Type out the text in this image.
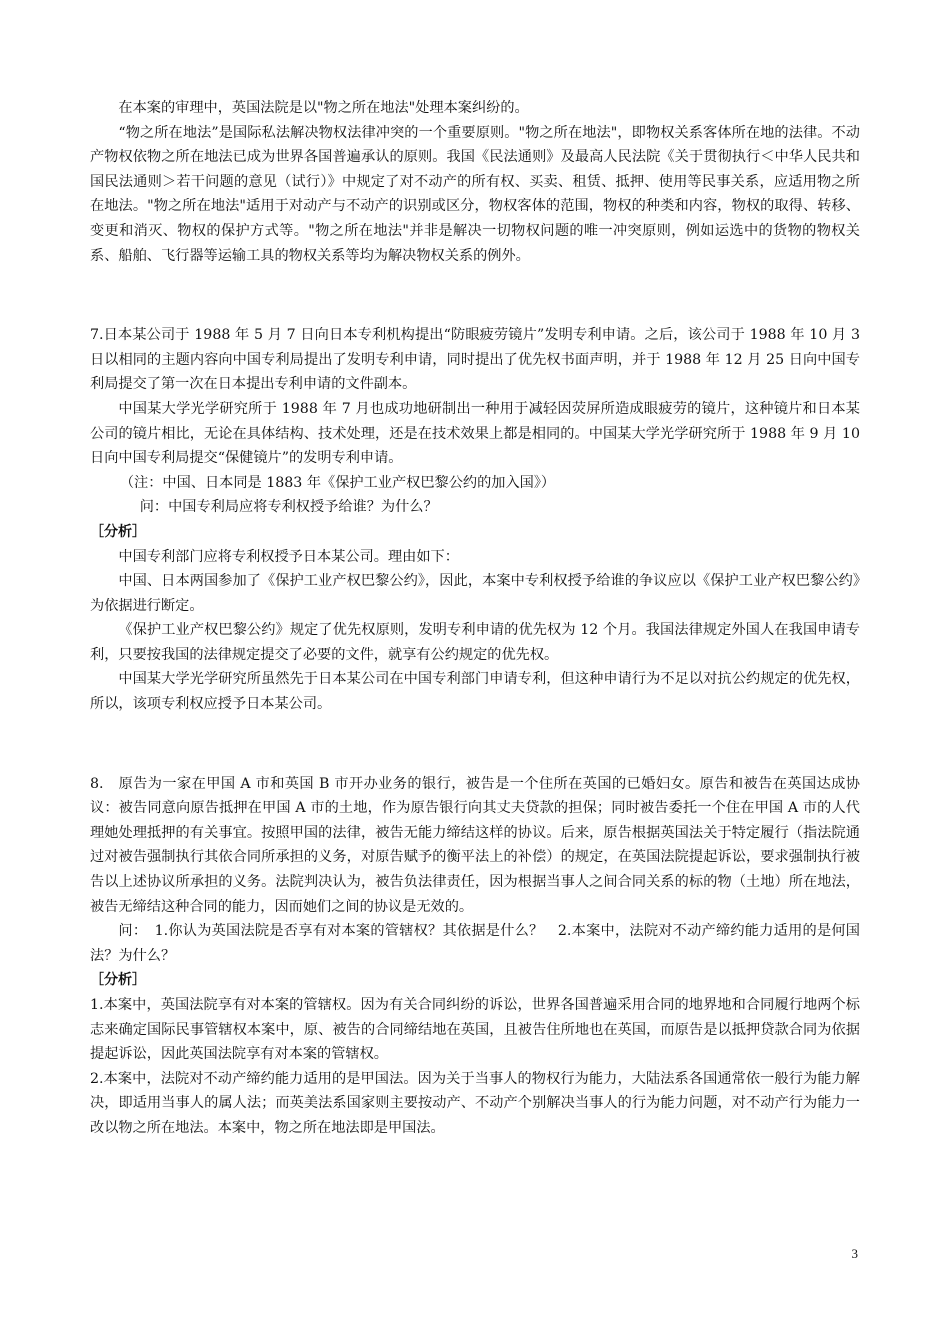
在本案的审理中，英国法院是以"物之所在地法"处理本案纠纷的。

“物之所在地法”是国际私法解决物权法律冲突的一个重要原则。"物之所在地法"，即物权关系客体所在地的法律。不动产物权依物之所在地法已成为世界各国普遍承认的原则。我国《民法通则》及最高人民法院《关于贯彻执行＜中华人民共和国民法通则＞若干问题的意见（试行）》中规定了对不动产的所有权、买卖、租赁、抵押、使用等民事关系，应适用物之所在地法。"物之所在地法"适用于对动产与不动产的识别或区分，物权客体的范围，物权的种类和内容，物权的取得、转移、变更和消灭、物权的保护方式等。"物之所在地法"并非是解决一切物权问题的唯一冲突原则，例如运选中的货物的物权关系、船舶、飞行器等运输工具的物权关系等均为解决物权关系的例外。

7.日本某公司于 1988 年 5 月 7 日向日本专利机构提出“防眼疲劳镜片”发明专利申请。之后，该公司于 1988 年 10 月 3 日以相同的主题内容向中国专利局提出了发明专利申请，同时提出了优先权书面声明，并于 1988 年 12 月 25 日向中国专利局提交了第一次在日本提出专利申请的文件副本。

中国某大学光学研究所于 1988 年 7 月也成功地研制出一种用于减轻因荧屏所造成眼疲劳的镜片，这种镜片和日本某公司的镜片相比，无论在具体结构、技术处理，还是在技术效果上都是相同的。中国某大学光学研究所于 1988 年 9 月 10 日向中国专利局提交“保健镜片”的发明专利申请。

（注：中国、日本同是 1883 年《保护工业产权巴黎公约的加入国》）

问：中国专利局应将专利权授予给谁？为什么？

［分析］

中国专利部门应将专利权授予日本某公司。理由如下：

中国、日本两国参加了《保护工业产权巴黎公约》，因此，本案中专利权授予给谁的争议应以《保护工业产权巴黎公约》为依据进行断定。

《保护工业产权巴黎公约》规定了优先权原则，发明专利申请的优先权为 12 个月。我国法律规定外国人在我国申请专利，只要按我国的法律规定提交了必要的文件，就享有公约规定的优先权。

中国某大学光学研究所虽然先于日本某公司在中国专利部门申请专利，但这种申请行为不足以对抗公约规定的优先权，所以，该项专利权应授予日本某公司。

8.　原告为一家在甲国 A 市和英国 B 市开办业务的银行，被告是一个住所在英国的已婚妇女。原告和被告在英国达成协议：被告同意向原告抵押在甲国 A 市的土地，作为原告银行向其丈夫贷款的担保；同时被告委托一个住在甲国 A 市的人代理她处理抵押的有关事宜。按照甲国的法律，被告无能力缔结这样的协议。后来，原告根据英国法关于特定履行（指法院通过对被告强制执行其依合同所承担的义务，对原告赋予的衡平法上的补偿）的规定，在英国法院提起诉讼，要求强制执行被告以上述协议所承担的义务。法院判决认为，被告负法律责任，因为根据当事人之间合同关系的标的物（土地）所在地法，被告无缔结这种合同的能力，因而她们之间的协议是无效的。

问：　1.你认为英国法院是否享有对本案的管辖权？其依据是什么？　2.本案中，法院对不动产缔约能力适用的是何国法？为什么？

［分析］

1.本案中，英国法院享有对本案的管辖权。因为有关合同纠纷的诉讼，世界各国普遍采用合同的地界地和合同履行地两个标志来确定国际民事管辖权本案中，原、被告的合同缔结地在英国，且被告住所地也在英国，而原告是以抵押贷款合同为依据提起诉讼，因此英国法院享有对本案的管辖权。

2.本案中，法院对不动产缔约能力适用的是甲国法。因为关于当事人的物权行为能力，大陆法系各国通常依一般行为能力解决，即适用当事人的属人法；而英美法系国家则主要按动产、不动产个别解决当事人的行为能力问题，对不动产行为能力一改以物之所在地法。本案中，物之所在地法即是甲国法。

3
